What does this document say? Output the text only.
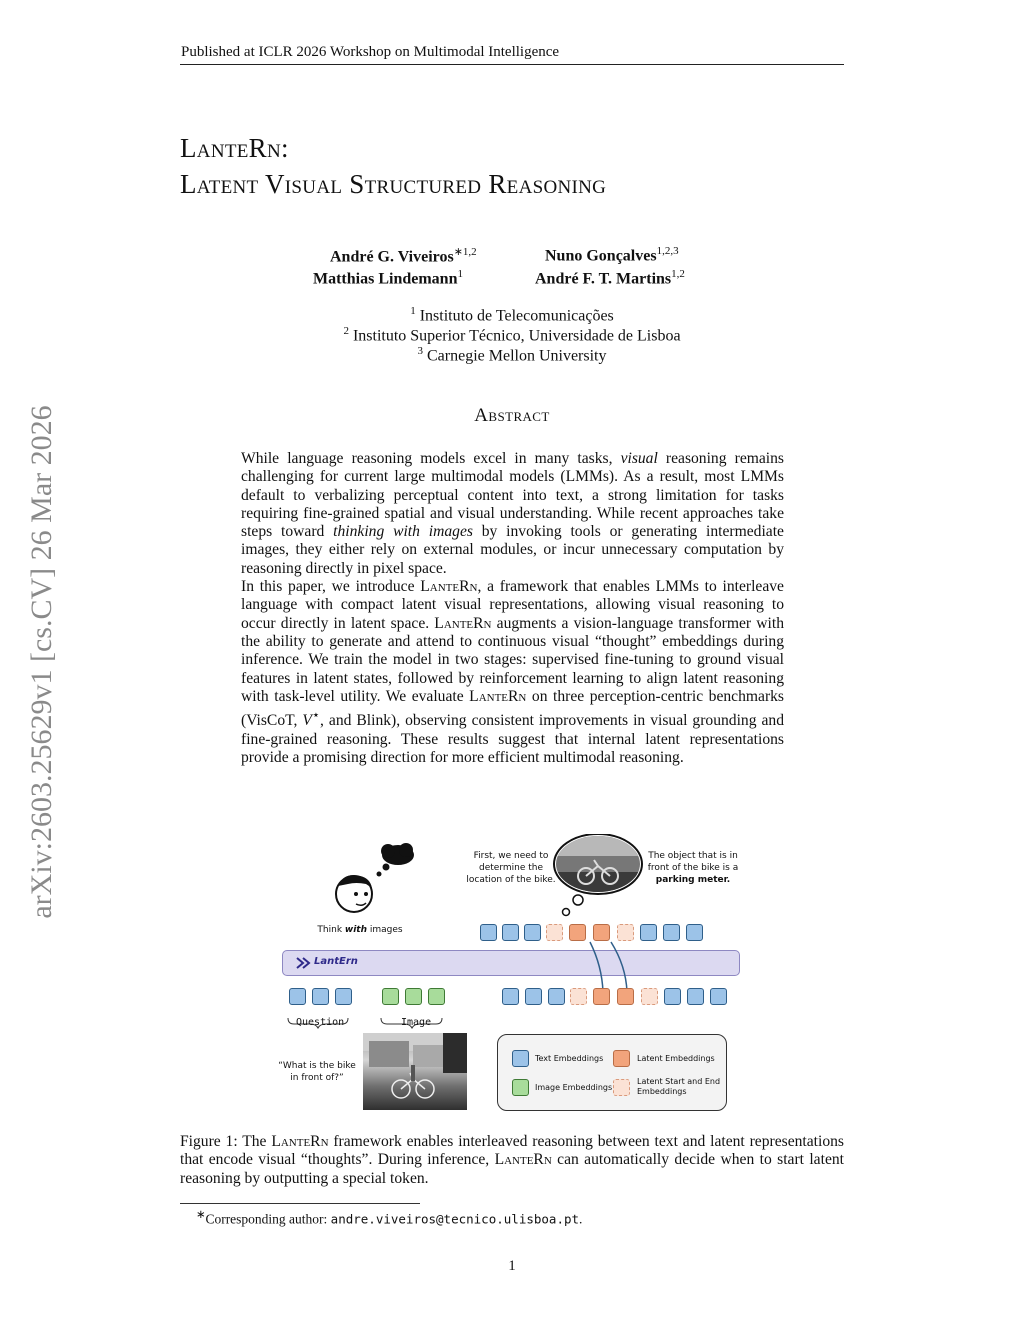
arXiv:2603.25629v1 [cs.CV] 26 Mar 2026
Published at ICLR 2026 Workshop on Multimodal Intelligence
LanteRn:
Latent Visual Structured Reasoning
André G. Viveiros$^{∗1,2}$	Nuno Gonçalves$^{1,2,3}$
Matthias Lindemann$^1$	André F. T. Martins$^{1,2}$
$^1$ Instituto de Telecomunicações
$^2$ Instituto Superior Técnico, Universidade de Lisboa
$^3$ Carnegie Mellon University
Abstract

While language reasoning models excel in many tasks, visual reasoning remains challenging for current large multimodal models (LMMs). As a result, most LMMs default to verbalizing perceptual content into text, a strong limitation for tasks requiring fine-grained spatial and visual understanding. While recent approaches take steps toward thinking with images by invoking tools or generating intermediate images, they either rely on external modules, or incur unnecessary computation by reasoning directly in pixel space.

In this paper, we introduce LanteRn, a framework that enables LMMs to interleave language with compact latent visual representations, allowing visual reasoning to occur directly in latent space. LanteRn augments a vision-language transformer with the ability to generate and attend to continuous visual “thought” embeddings during inference. We train the model in two stages: supervised fine-tuning to ground visual features in latent states, followed by reinforcement learning to align latent reasoning with task-level utility. We evaluate LanteRn on three perception-centric benchmarks (VisCoT, V⋆, and Blink), observing consistent improvements in visual grounding and fine-grained reasoning. These results suggest that internal latent representations provide a promising direction for more efficient multimodal reasoning.

Think with images
First, we need to determine the location of the bike.
The object that is in front of the bike is a parking meter.
LantErn
Question	Image
“What is the bike in front of?”
Text Embeddings	Latent Embeddings
Image Embeddings
Latent Start and End Embeddings
Figure 1: The LanteRn framework enables interleaved reasoning between text and latent representations that encode visual “thoughts”. During inference, LanteRn can automatically decide when to start latent reasoning by outputting a special token.
∗Corresponding author: andre.viveiros@tecnico.ulisboa.pt.
1
